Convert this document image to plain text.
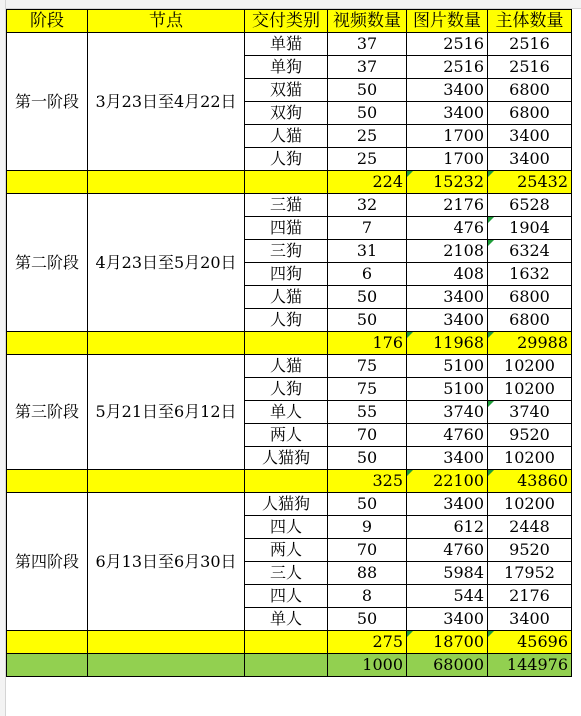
阶段	节点	交付类别	视频数量	图片数量	主体数量
第一阶段	3月23日至4月22日	单猫	37	2516	2516
		单狗	37	2516	2516
		双猫	50	3400	6800
		双狗	50	3400	6800
		人猫	25	1700	3400
		人狗	25	1700	3400
			224	15232	25432
第二阶段	4月23日至5月20日	三猫	32	2176	6528
		四猫	7	476	1904
		三狗	31	2108	6324
		四狗	6	408	1632
		人猫	50	3400	6800
		人狗	50	3400	6800
			176	11968	29988
第三阶段	5月21日至6月12日	人猫	75	5100	10200
		人狗	75	5100	10200
		单人	55	3740	3740
		两人	70	4760	9520
		人猫狗	50	3400	10200
			325	22100	43860
第四阶段	6月13日至6月30日	人猫狗	50	3400	10200
		四人	9	612	2448
		两人	70	4760	9520
		三人	88	5984	17952
		四人	8	544	2176
		单人	50	3400	3400
			275	18700	45696
			1000	68000	144976
